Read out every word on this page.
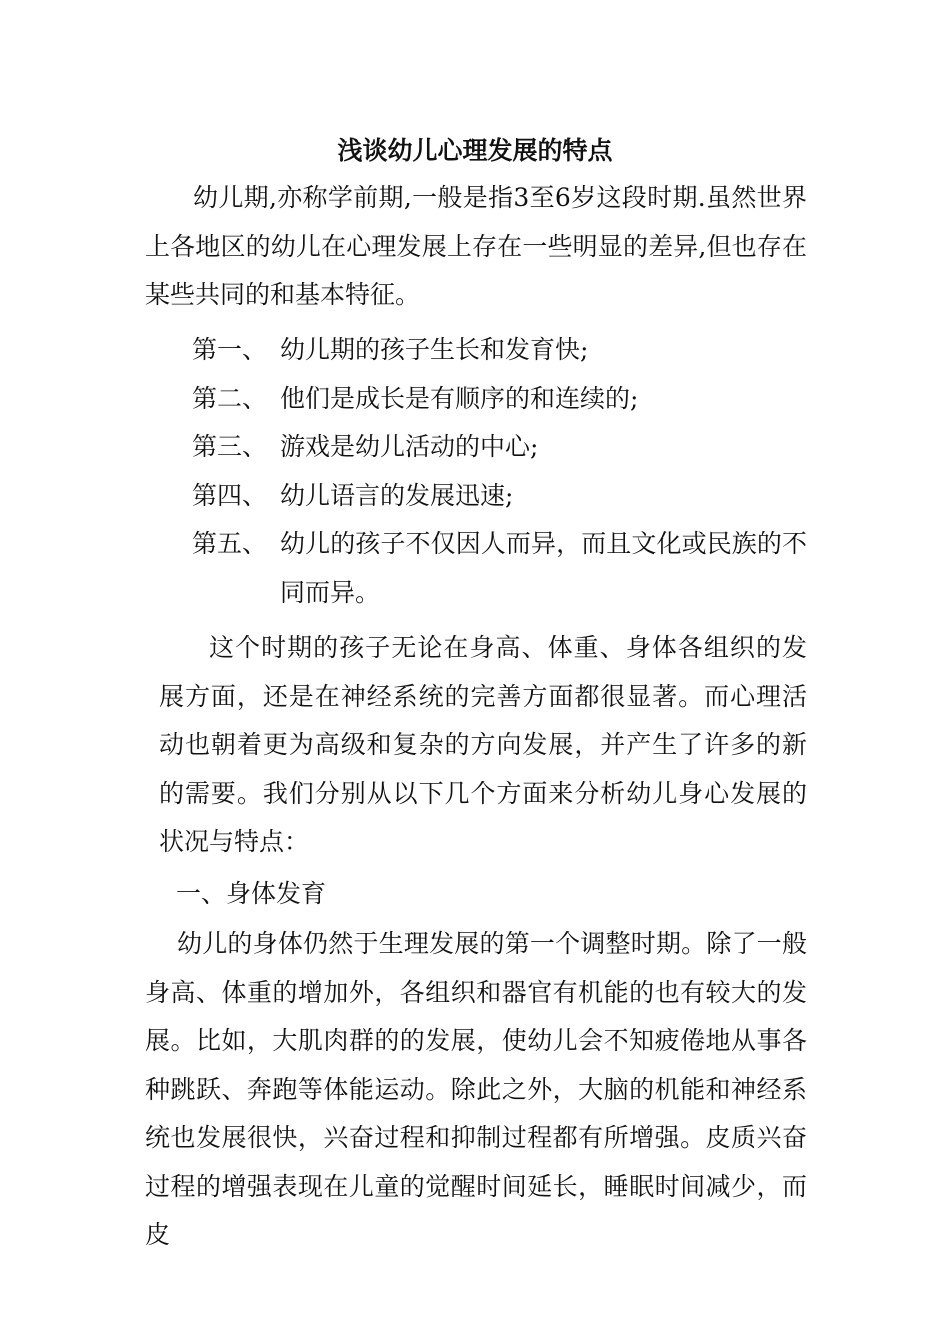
浅谈幼儿心理发展的特点

幼儿期,亦称学前期,一般是指3至6岁这段时期.虽然世界上各地区的幼儿在心理发展上存在一些明显的差异,但也存在某些共同的和基本特征。

第一、 幼儿期的孩子生长和发育快;
第二、 他们是成长是有顺序的和连续的;
第三、 游戏是幼儿活动的中心;
第四、 幼儿语言的发展迅速;
第五、 幼儿的孩子不仅因人而异，而且文化或民族的不同而异。

这个时期的孩子无论在身高、体重、身体各组织的发展方面，还是在神经系统的完善方面都很显著。而心理活动也朝着更为高级和复杂的方向发展，并产生了许多的新的需要。我们分别从以下几个方面来分析幼儿身心发展的状况与特点：

一、身体发育

幼儿的身体仍然于生理发展的第一个调整时期。除了一般身高、体重的增加外，各组织和器官有机能的也有较大的发展。比如，大肌肉群的的发展，使幼儿会不知疲倦地从事各种跳跃、奔跑等体能运动。除此之外，大脑的机能和神经系统也发展很快，兴奋过程和抑制过程都有所增强。皮质兴奋过程的增强表现在儿童的觉醒时间延长，睡眠时间减少，而皮
